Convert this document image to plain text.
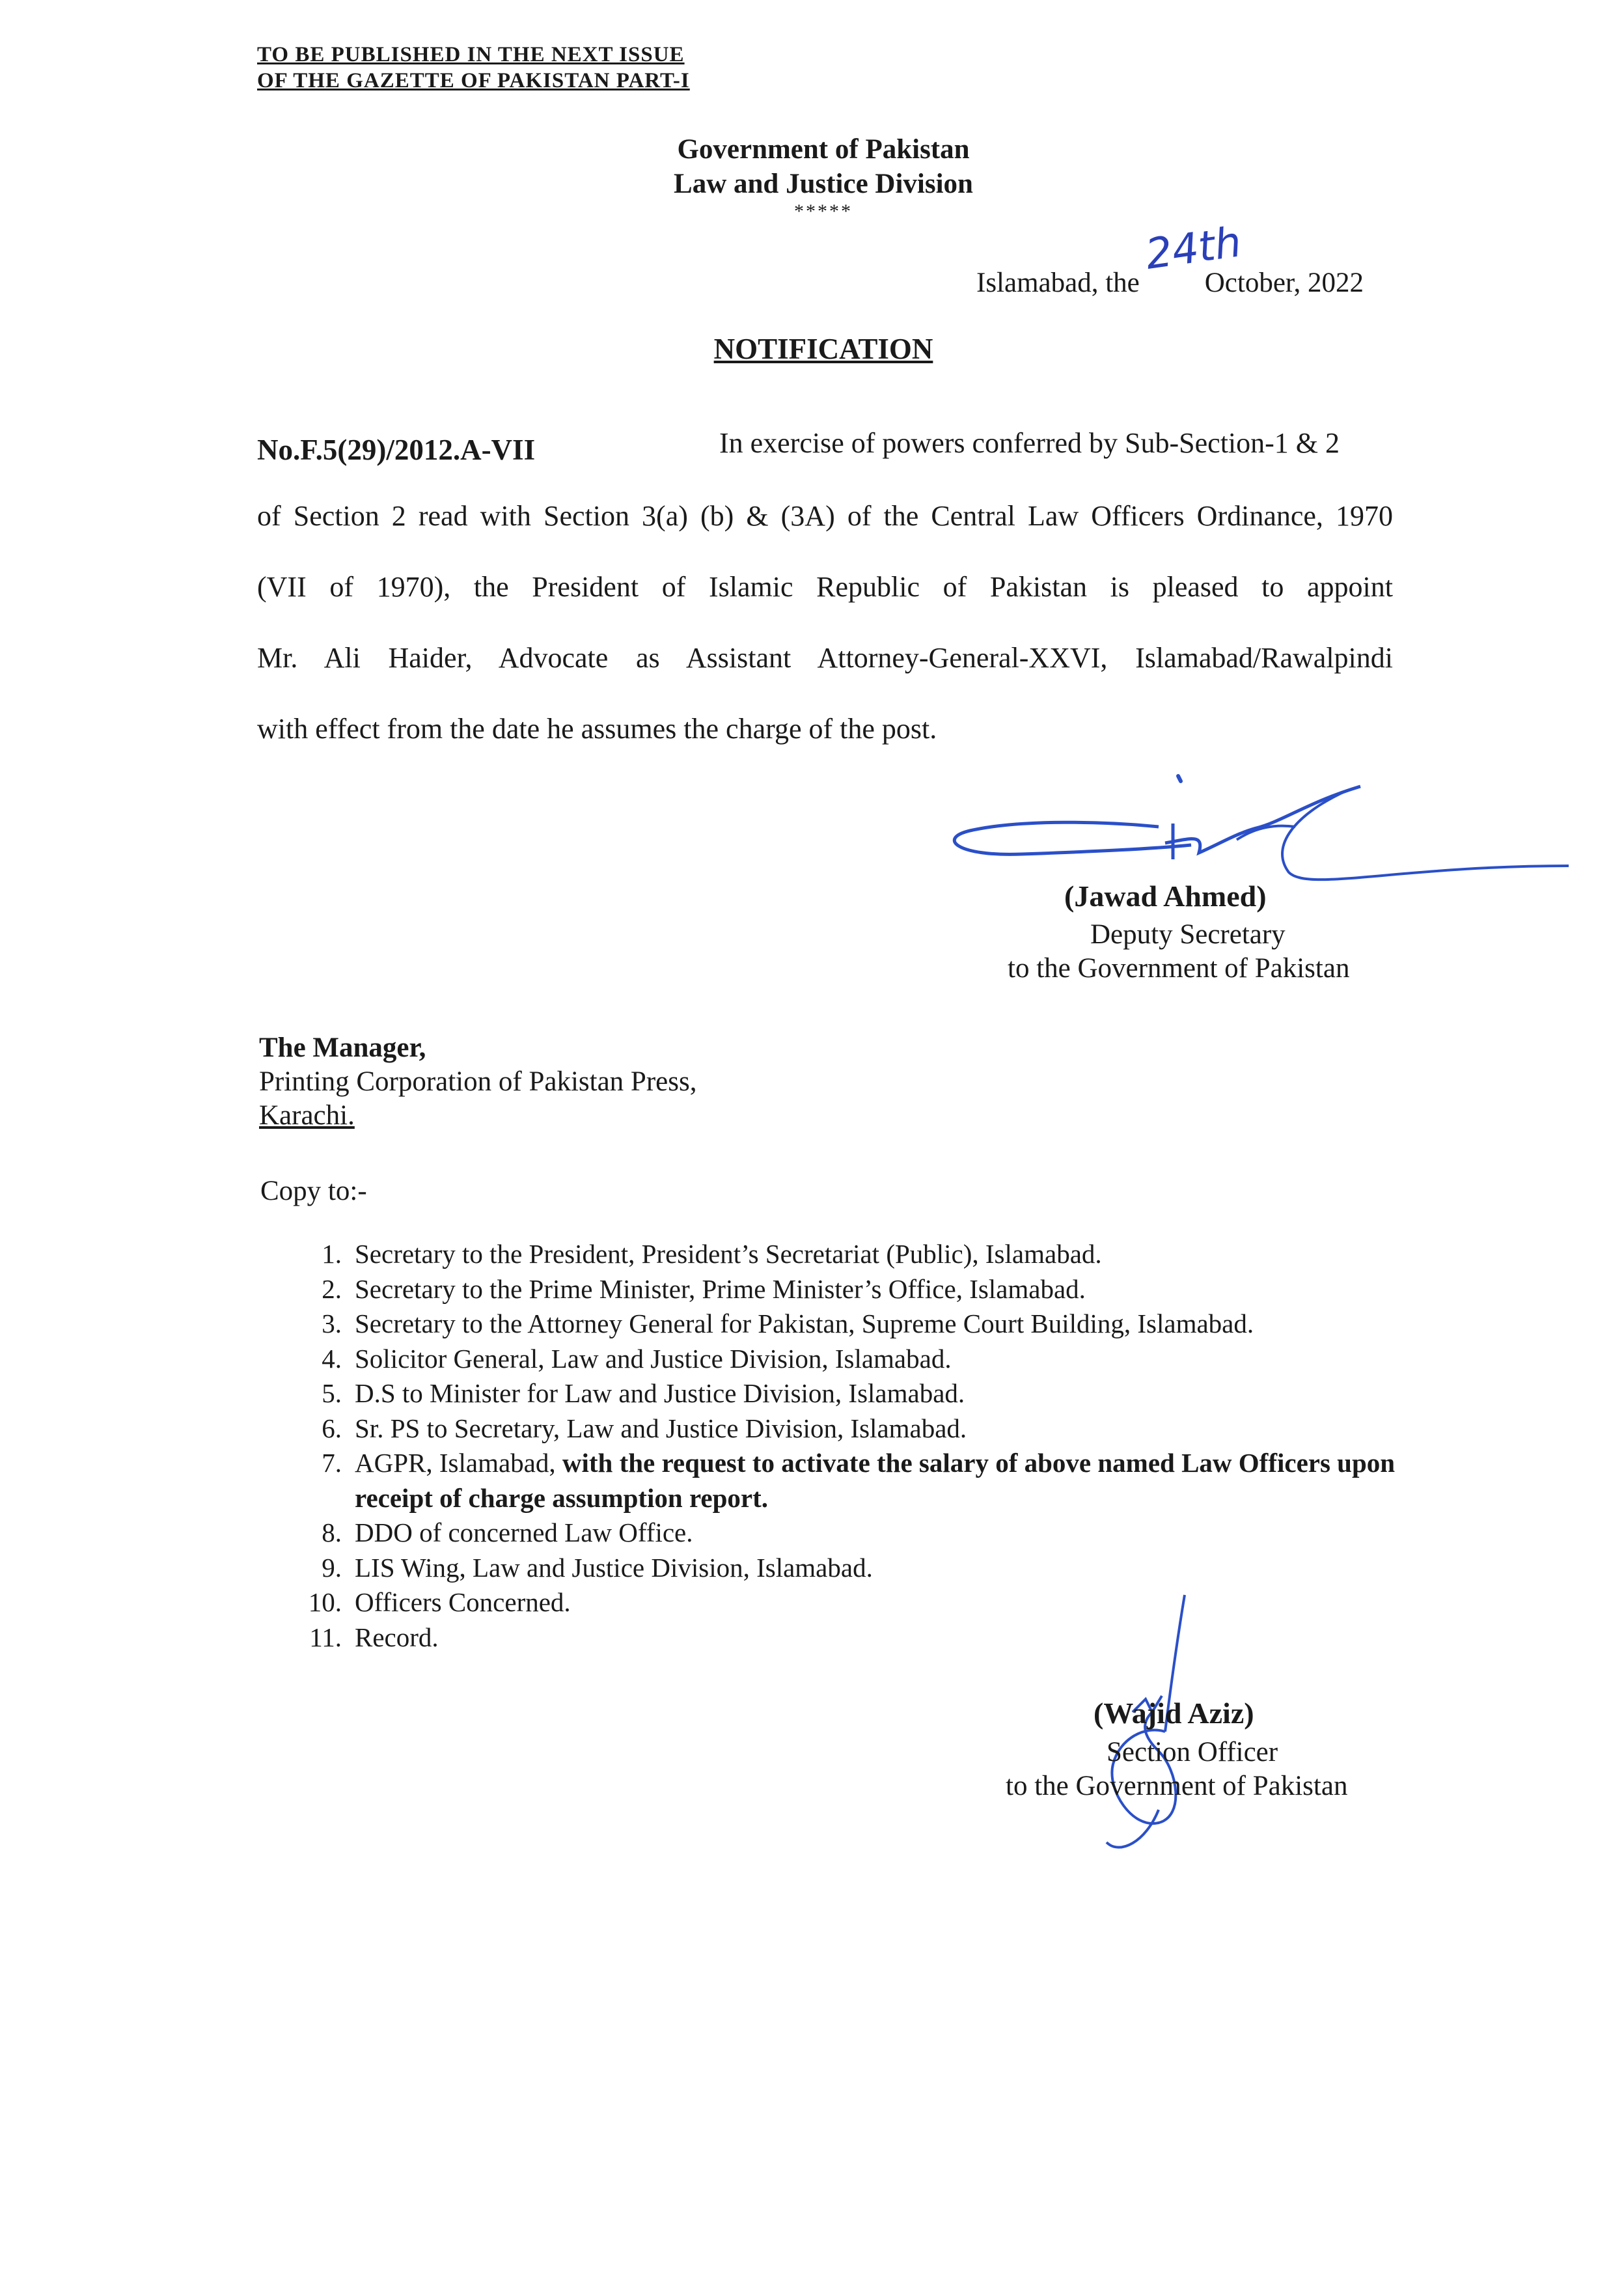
TO BE PUBLISHED IN THE NEXT ISSUE
OF THE GAZETTE OF PAKISTAN PART-I
Government of Pakistan
Law and Justice Division
*****
24th
Islamabad, the October, 2022
NOTIFICATION
No.F.5(29)/2012.A-VII	In exercise of powers conferred by Sub-Section-1 & 2
of Section 2 read with Section 3(a) (b) & (3A) of the Central Law Officers Ordinance, 1970
(VII of 1970), the President of Islamic Republic of Pakistan is pleased to appoint
Mr. Ali Haider, Advocate as Assistant Attorney-General-XXVI, Islamabad/Rawalpindi
with effect from the date he assumes the charge of the post.
(Jawad Ahmed)
Deputy Secretary
to the Government of Pakistan
The Manager,
Printing Corporation of Pakistan Press,
Karachi.
Copy to:-
1. Secretary to the President, President’s Secretariat (Public), Islamabad.
2. Secretary to the Prime Minister, Prime Minister’s Office, Islamabad.
3. Secretary to the Attorney General for Pakistan, Supreme Court Building, Islamabad.
4. Solicitor General, Law and Justice Division, Islamabad.
5. D.S to Minister for Law and Justice Division, Islamabad.
6. Sr. PS to Secretary, Law and Justice Division, Islamabad.
7. AGPR, Islamabad, with the request to activate the salary of above named Law Officers upon receipt of charge assumption report.
8. DDO of concerned Law Office.
9. LIS Wing, Law and Justice Division, Islamabad.
10. Officers Concerned.
11. Record.
(Wajid Aziz)
Section Officer
to the Government of Pakistan
